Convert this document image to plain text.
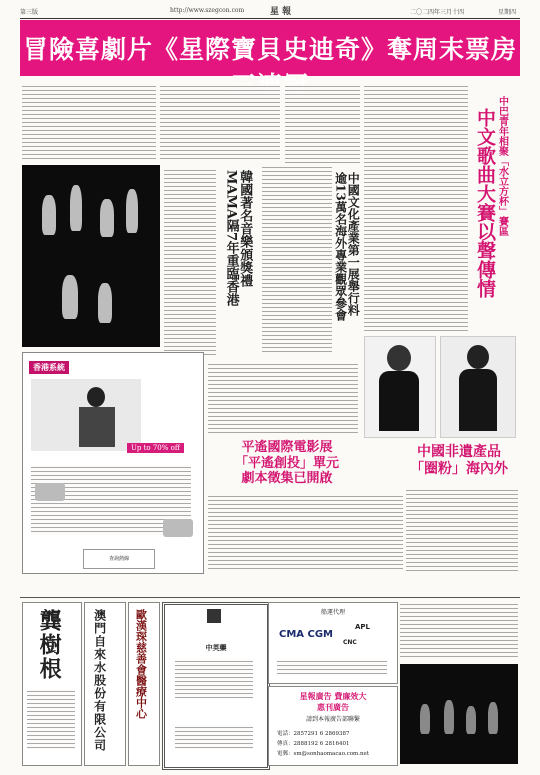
第三版	http://www.szegcon.com	星 報	二〇二四年三月十四	星期四
冒險喜劇片《星際寶貝史迪奇》奪周末票房 連冠
韓國著名音樂頒獎禮MAMA隔7年重臨香港	中國文化產業第一展舉行料逾13萬名海外專業觀眾參會
中巴青年相聚「水立方杯」賽區
中文歌曲大賽以聲傳情
香港系統
Up to 70% off
查詢熱線
平遙國際電影展
「平遙創投」單元
劇本徵集已開啟
中國非遺產品
「圈粉」海內外
龔樹根	澳門自來水股份有限公司	歐漢琛慈善會醫療中心	中英藥
船運代理
CMA CGM
APL
CNC
星報廣告 費廉效大
惠刊廣告
請到本報廣告部聯繫
電話：2857291 6 2869387
傳真：2888192 6 2816401
電郵：sm@sonhaomacao.com.net
